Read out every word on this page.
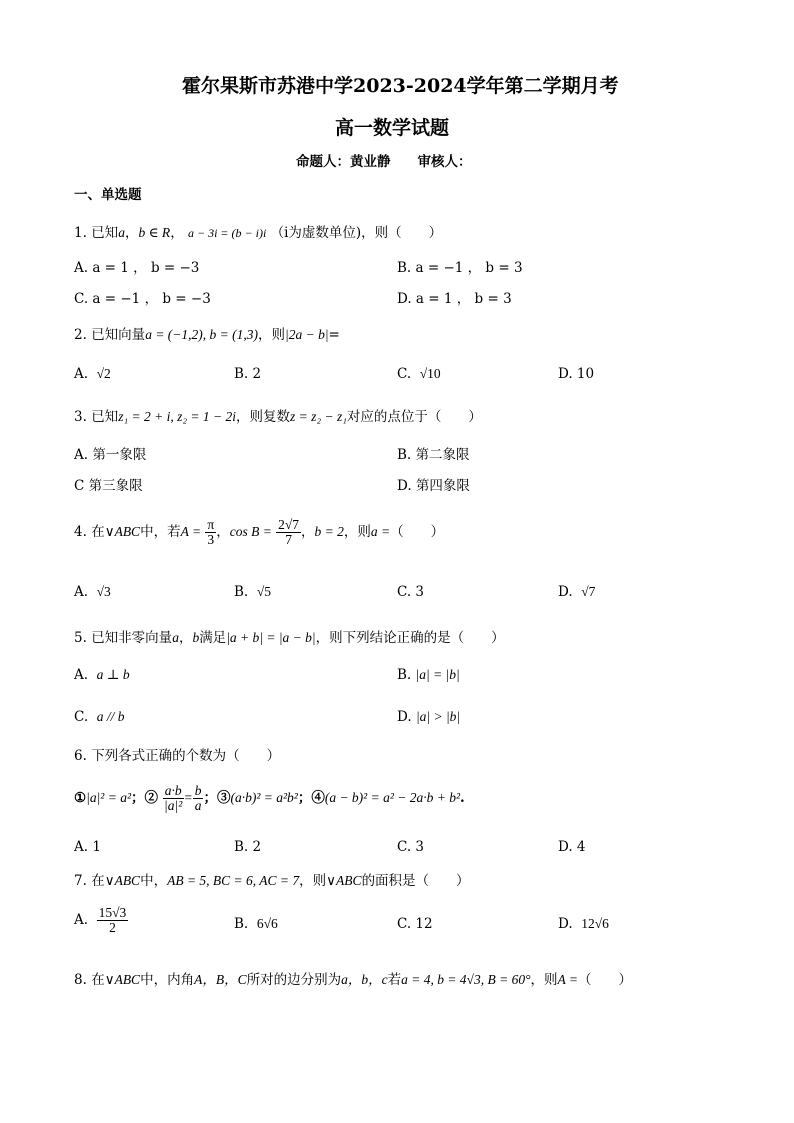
霍尔果斯市苏港中学2023-2024学年第二学期月考
高一数学试题
命题人：黄业静　　审核人：
一、单选题
1. 已知a，b ∈ R， a − 3i = (b − i)i （i为虚数单位)，则（　　）
A. a = 1 ， b = −3	B. a = −1 ， b = 3
C. a = −1 ， b = −3	D. a = 1 ， b = 3
2. 已知向量a = (−1,2), b = (1,3)，则|2a − b|=
A. √2	B. 2	C. √10	D. 10
3. 已知z₁ = 2 + i, z₂ = 1 − 2i，则复数z = z₂ − z₁对应的点位于（　　）
A. 第一象限	B. 第二象限
C 第三象限	D. 第四象限
4. 在∨ABC中，若$A = \frac{\pi}{3}$ ，$\cos B = \frac{2√7}{7}$ ，b = 2，则a =（　　）
A. √3	B. √5	C. 3	D. √7
5. 已知非零向量a，b满足|a + b| = |a − b|，则下列结论正确的是（　　）
A. a ⊥ b	B. |a| = |b|
C. a // b	D. |a| > |b|
6. 下列各式正确的个数为（　　）
①|a|² = a²；② $\frac{a\cdot b}{\text{|a|²}} = \frac{b}{a}$ ；③(a·b)² = a²b²；④(a − b)² = a² − 2a·b + b².
A. 1	B. 2	C. 3	D. 4
7. 在∨ABC中，AB = 5, BC = 6, AC = 7，则∨ABC的面积是（　　）
A. $\frac{15√3}{2}$	B. 6√6	C. 12	D. 12√6
8. 在∨ABC中，内角A，B，C所对的边分别为a，b，c若a = 4, b = 4√3, B = 60°，则A =（　　）
